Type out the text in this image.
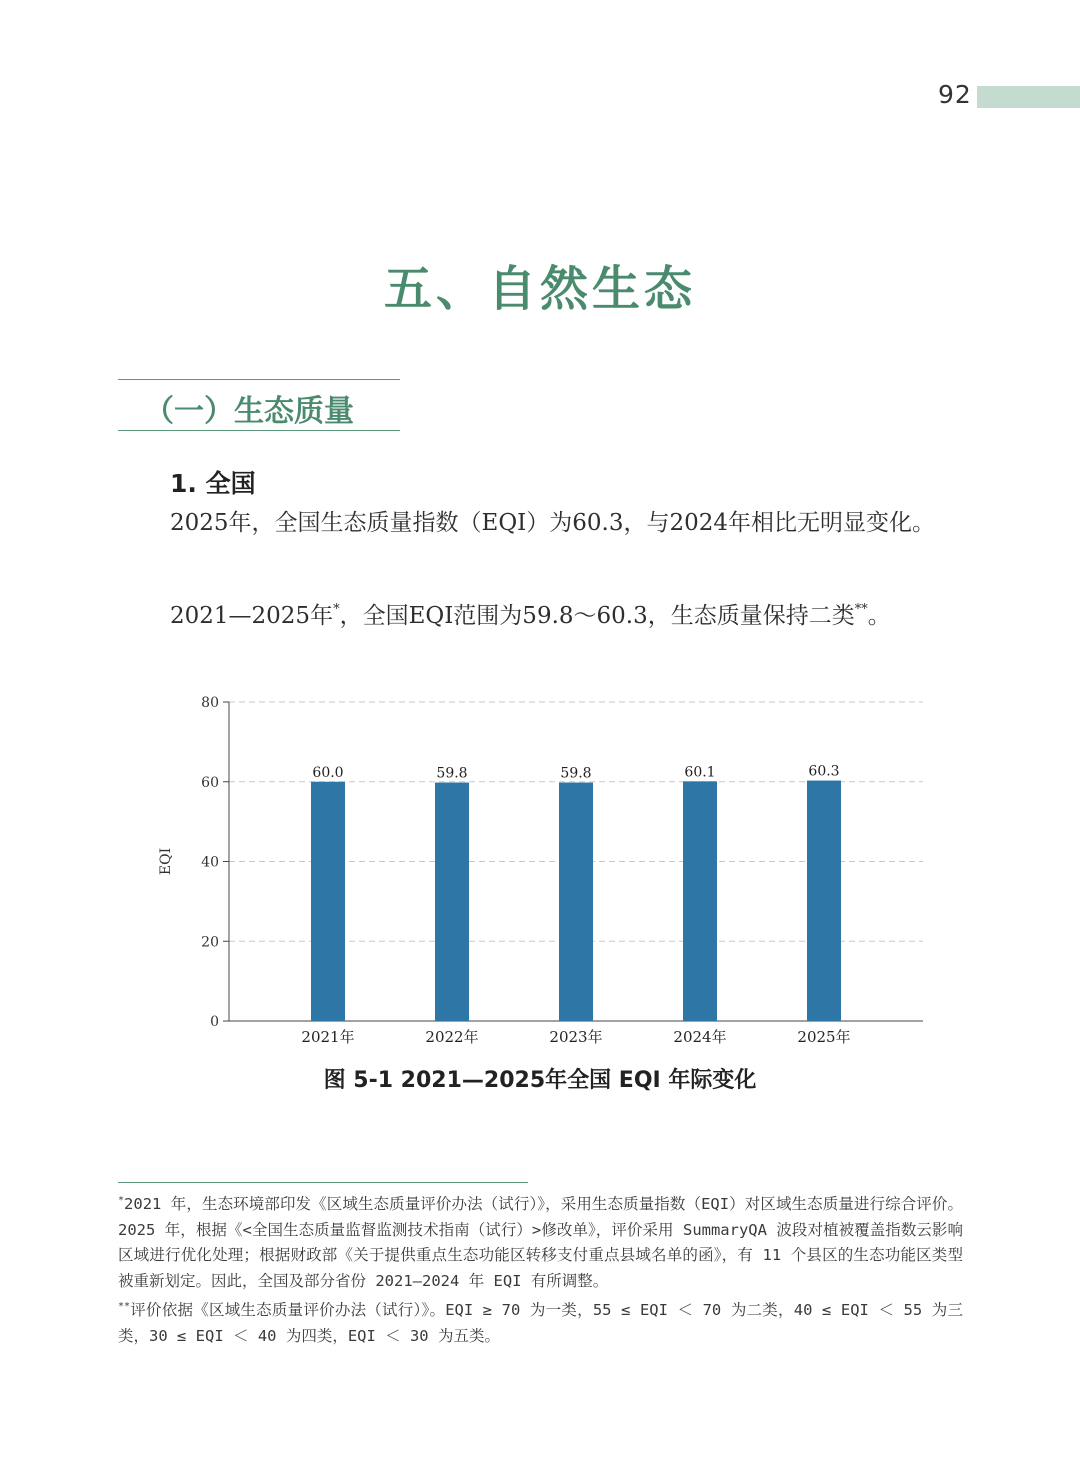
92
五、自然生态
（一）生态质量
1. 全国
2025年，全国生态质量指数（EQI）为60.3，与2024年相比无明显变化。
2021—2025年*，全国EQI范围为59.8～60.3，生态质量保持二类**。
0
20
40
60
80
EQI
60.0
2021年
59.8
2022年
59.8
2023年
60.1
2024年
60.3
2025年
图 5-1 2021—2025年全国 EQI 年际变化

*2021 年，生态环境部印发《区域生态质量评价办法（试行）》，采用生态质量指数（EQI）对区域生态质量进行综合评价。2025 年，根据《<全国生态质量监督监测技术指南（试行）>修改单》，评价采用 SummaryQA 波段对植被覆盖指数云影响区域进行优化处理；根据财政部《关于提供重点生态功能区转移支付重点县域名单的函》，有 11 个县区的生态功能区类型被重新划定。因此，全国及部分省份 2021—2024 年 EQI 有所调整。

**评价依据《区域生态质量评价办法（试行）》。EQI ≥ 70 为一类，55 ≤ EQI ＜ 70 为二类，40 ≤ EQI ＜ 55 为三类，30 ≤ EQI ＜ 40 为四类，EQI ＜ 30 为五类。
